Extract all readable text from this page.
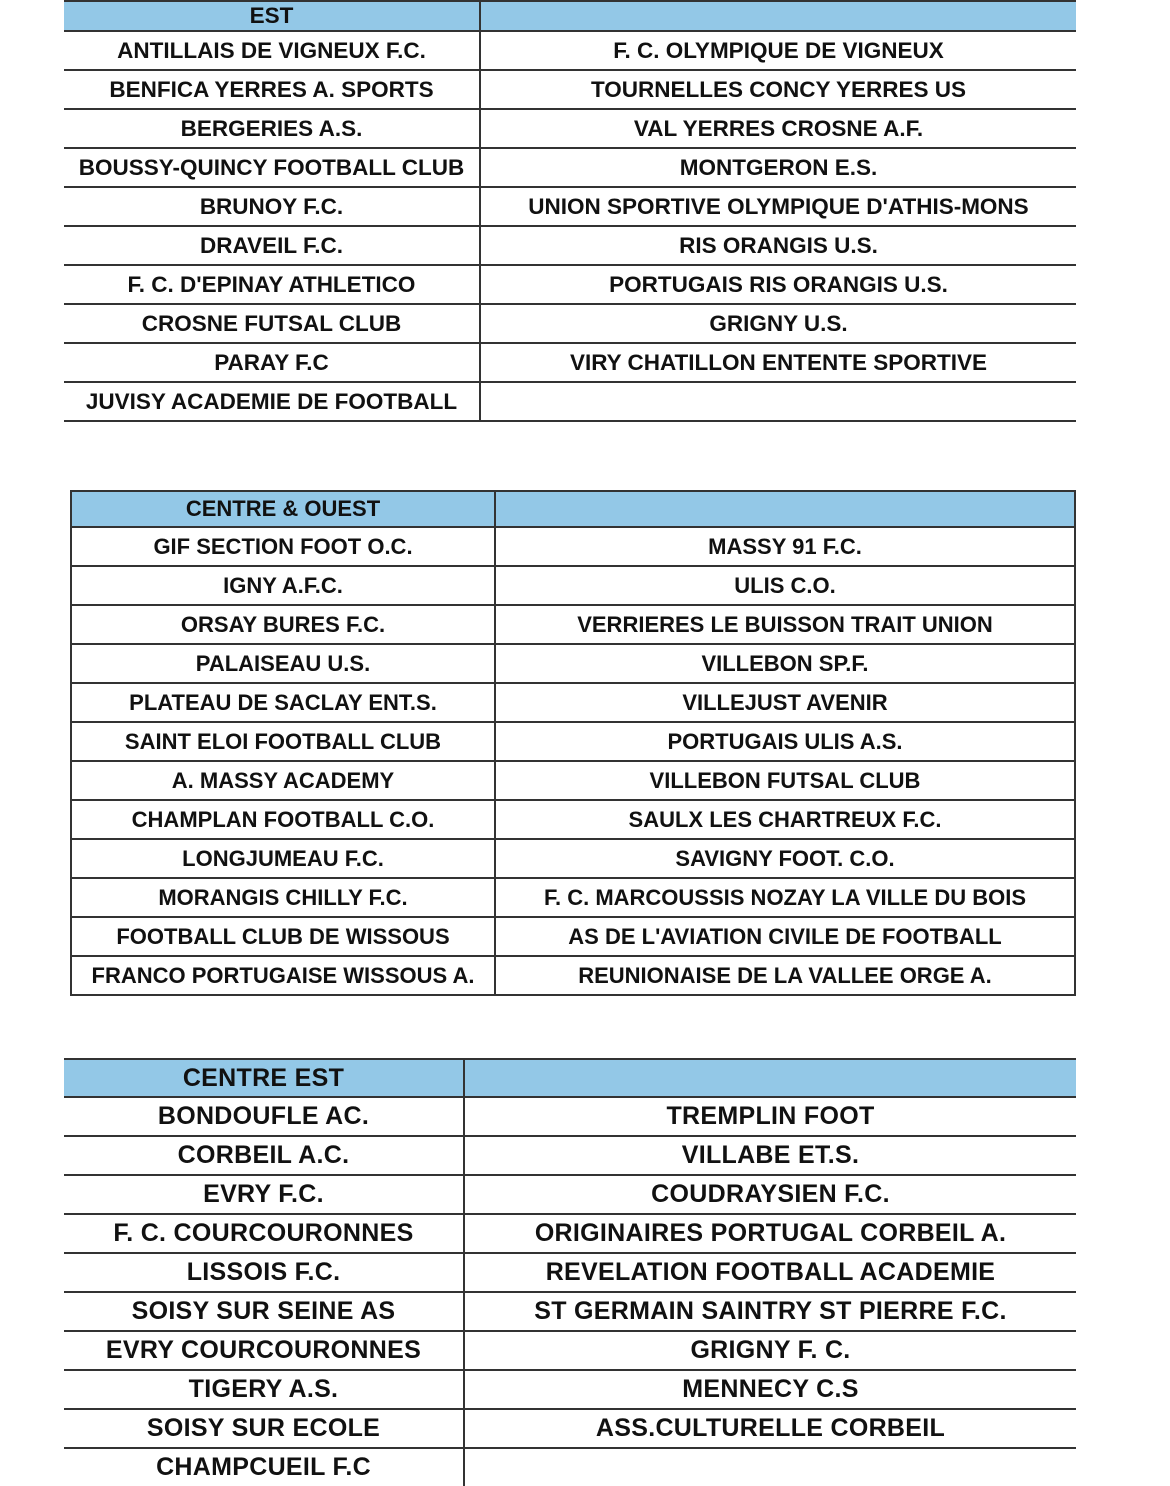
EST	
ANTILLAIS DE VIGNEUX F.C.	F. C. OLYMPIQUE DE VIGNEUX
BENFICA YERRES A. SPORTS	TOURNELLES CONCY YERRES US
BERGERIES A.S.	VAL YERRES CROSNE A.F.
BOUSSY-QUINCY FOOTBALL CLUB	MONTGERON E.S.
BRUNOY F.C.	UNION SPORTIVE OLYMPIQUE D'ATHIS-MONS
DRAVEIL F.C.	RIS ORANGIS U.S.
F. C. D'EPINAY ATHLETICO	PORTUGAIS RIS ORANGIS U.S.
CROSNE FUTSAL CLUB	GRIGNY U.S.
PARAY F.C	VIRY CHATILLON ENTENTE SPORTIVE
JUVISY ACADEMIE DE FOOTBALL	
CENTRE & OUEST	
GIF SECTION FOOT O.C.	MASSY 91 F.C.
IGNY A.F.C.	ULIS C.O.
ORSAY BURES F.C.	VERRIERES LE BUISSON TRAIT UNION
PALAISEAU U.S.	VILLEBON SP.F.
PLATEAU DE SACLAY ENT.S.	VILLEJUST AVENIR
SAINT ELOI FOOTBALL CLUB	PORTUGAIS ULIS A.S.
A. MASSY ACADEMY	VILLEBON FUTSAL CLUB
CHAMPLAN FOOTBALL C.O.	SAULX LES CHARTREUX F.C.
LONGJUMEAU F.C.	SAVIGNY FOOT. C.O.
MORANGIS CHILLY F.C.	F. C. MARCOUSSIS NOZAY LA VILLE DU BOIS
FOOTBALL CLUB DE WISSOUS	AS DE L'AVIATION CIVILE DE FOOTBALL
FRANCO PORTUGAISE WISSOUS A.	REUNIONAISE DE LA VALLEE ORGE A.
CENTRE EST	
BONDOUFLE AC.	TREMPLIN FOOT
CORBEIL A.C.	VILLABE ET.S.
EVRY F.C.	COUDRAYSIEN F.C.
F. C. COURCOURONNES	ORIGINAIRES PORTUGAL CORBEIL A.
LISSOIS F.C.	REVELATION FOOTBALL ACADEMIE
SOISY SUR SEINE AS	ST GERMAIN SAINTRY ST PIERRE F.C.
EVRY COURCOURONNES	GRIGNY F. C.
TIGERY A.S.	MENNECY C.S
SOISY SUR ECOLE	ASS.CULTURELLE CORBEIL
CHAMPCUEIL F.C	
